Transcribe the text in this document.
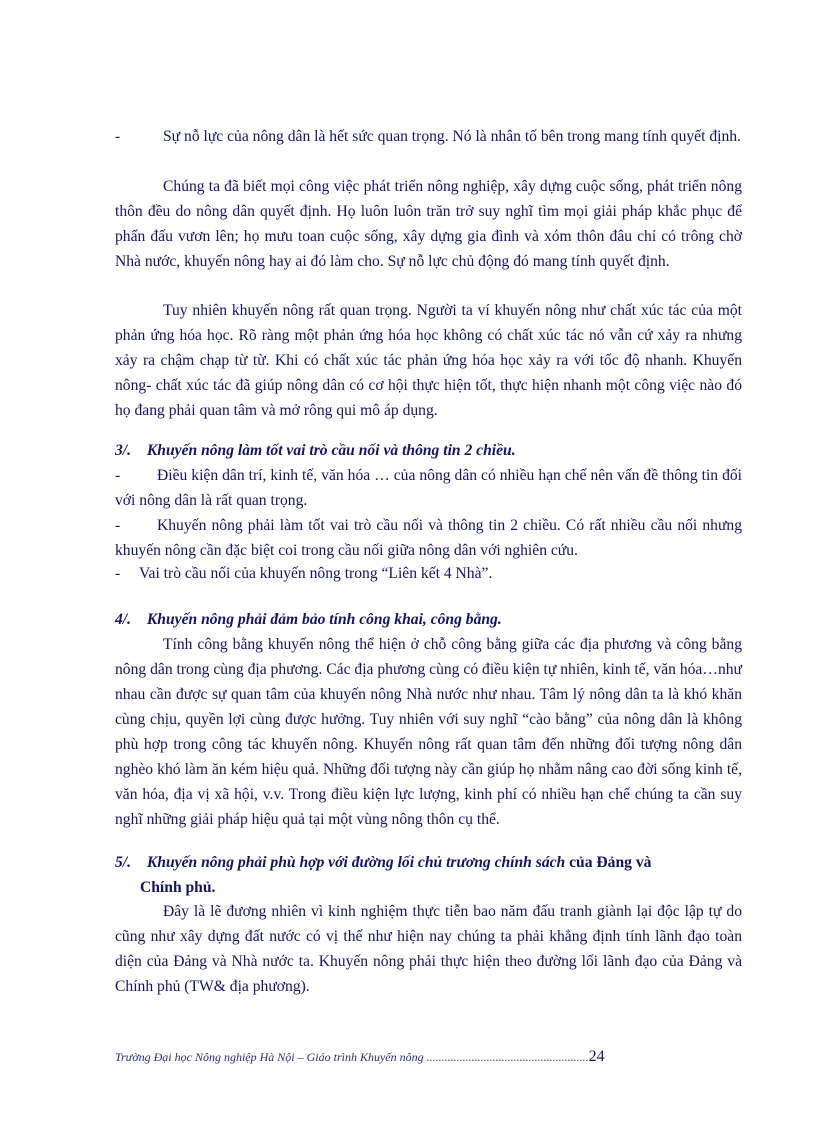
-	Sự nỗ lực của nông dân là hết sức quan trọng. Nó là nhân tố bên trong mang tính quyết định.

Chúng ta đã biết mọi công việc phát triển nông nghiệp, xây dựng cuộc sống, phát triển nông thôn đều do nông dân quyết định. Họ luôn luôn trăn trở suy nghĩ tìm mọi giải pháp khắc phục để phấn đấu vươn lên; họ mưu toan cuộc sống, xây dựng gia đình và xóm thôn đâu chỉ có trông chờ Nhà nước, khuyến nông hay ai đó làm cho. Sự nỗ lực chủ động đó mang tính quyết định.

Tuy nhiên khuyến nông rất quan trọng. Người ta ví khuyến nông như chất xúc tác của một phản ứng hóa học. Rõ ràng một phản ứng hóa học không có chất xúc tác nó vẫn cứ xảy ra nhưng xảy ra chậm chạp từ từ. Khi có chất xúc tác phản ứng hóa học xảy ra với tốc độ nhanh. Khuyến nông- chất xúc tác đã giúp nông dân có cơ hội thực hiện tốt, thực hiện nhanh một công việc nào đó họ đang phải quan tâm và mở rông qui mô áp dụng.

3/. Khuyến nông làm tốt vai trò cầu nối và thông tin 2 chiều.

- Điều kiện dân trí, kinh tế, văn hóa … của nông dân có nhiều hạn chế nên vấn đề thông tin đối với nông dân là rất quan trọng.

- Khuyến nông phải làm tốt vai trò cầu nối và thông tin 2 chiều. Có rất nhiều cầu nối nhưng khuyến nông cần đặc biệt coi trong cầu nối giữa nông dân với nghiên cứu.

- Vai trò cầu nối của khuyến nông trong “Liên kết 4 Nhà”.

4/. Khuyến nông phải đảm bảo tính công khai, công bằng.

Tính công bằng khuyến nông thể hiện ở chỗ công bằng giữa các địa phương và công bằng nông dân trong cùng địa phương. Các địa phương cùng có điều kiện tự nhiên, kinh tế, văn hóa…như nhau cần được sự quan tâm của khuyến nông Nhà nước như nhau. Tâm lý nông dân ta là khó khăn cùng chịu, quyền lợi cùng được hưởng. Tuy nhiên với suy nghĩ “cào bằng” của nông dân là không phù hợp trong công tác khuyến nông. Khuyến nông rất quan tâm đến những đối tượng nông dân nghèo khó làm ăn kém hiệu quả. Những đối tượng này cần giúp họ nhằm nâng cao đời sống kinh tế, văn hóa, địa vị xã hội, v.v. Trong điều kiện lực lượng, kinh phí có nhiều hạn chế chúng ta cần suy nghĩ những giải pháp hiệu quả tại một vùng nông thôn cụ thể.

5/. Khuyến nông phải phù hợp với đường lối chủ trương chính sách của Đảng và

Chính phủ.

Đây là lẽ đương nhiên vì kinh nghiệm thực tiễn bao năm đấu tranh giành lại độc lập tự do cũng như xây dựng đất nước có vị thế như hiện nay chúng ta phải khẳng định tính lãnh đạo toàn diện của Đảng và Nhà nước ta. Khuyến nông phải thực hiện theo đường lối lãnh đạo của Đảng và Chính phủ (TW& địa phương).

Trường Đại học Nông nghiệp Hà Nội – Giáo trình Khuyến nông ......................................................24
